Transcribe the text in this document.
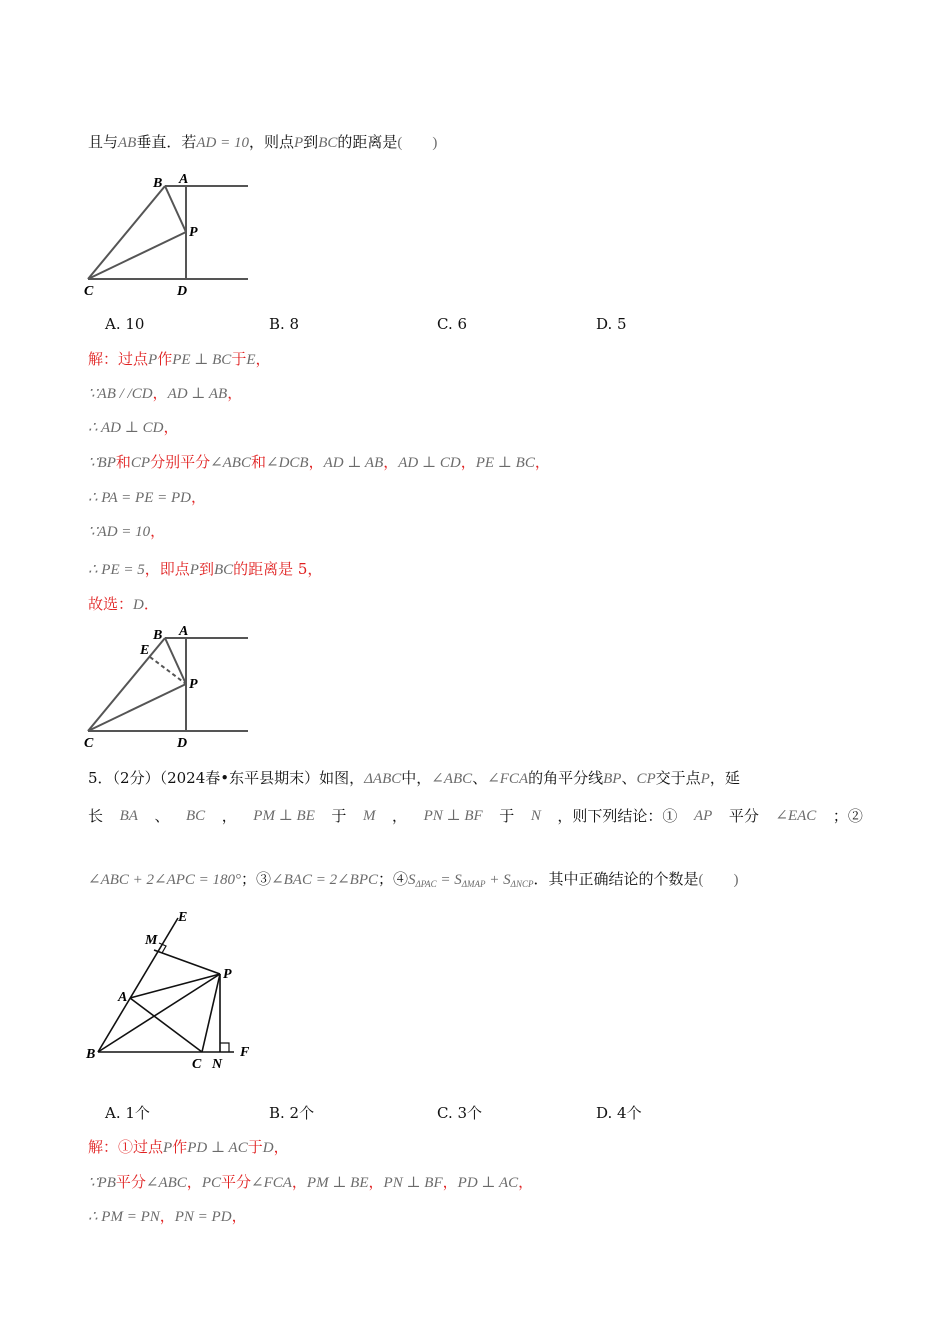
且与AB垂直．若AD = 10，则点P到BC的距离是(　　)
B A
P
C	D
A. 10	B. 8	C. 6	D. 5
解：过点P作PE ⊥ BC于E，
∵AB / /CD，AD ⊥ AB，
∴ AD ⊥ CD，
∵BP和CP分别平分∠ABC和∠DCB，AD ⊥ AB，AD ⊥ CD，PE ⊥ BC，
∴ PA = PE = PD，
∵AD = 10，
∴ PE = 5，即点P到BC的距离是 5，
故选：D．
B A
E
P
C	D
5．（2分）（2024春•东平县期末）如图，ΔABC中，∠ABC、∠FCA的角平分线BP、CP交于点P，延
长 BA 、 BC ， PM ⊥ BE 于 M ， PN ⊥ BF 于 N ，则下列结论：① AP 平分 ∠EAC ；②
∠ABC + 2∠APC = 180°；③∠BAC = 2∠BPC；$④S_{\Delta PAC} = S_{\Delta MAP} + S_{\Delta NCP}$．其中正确结论的个数是(　　)
E
M
P
A
B
C N
F
A. 1个	B. 2个	C. 3个	D. 4个
解：①过点P作PD ⊥ AC于D，
∵PB平分∠ABC，PC平分∠FCA，PM ⊥ BE，PN ⊥ BF，PD ⊥ AC，
∴ PM = PN，PN = PD，
